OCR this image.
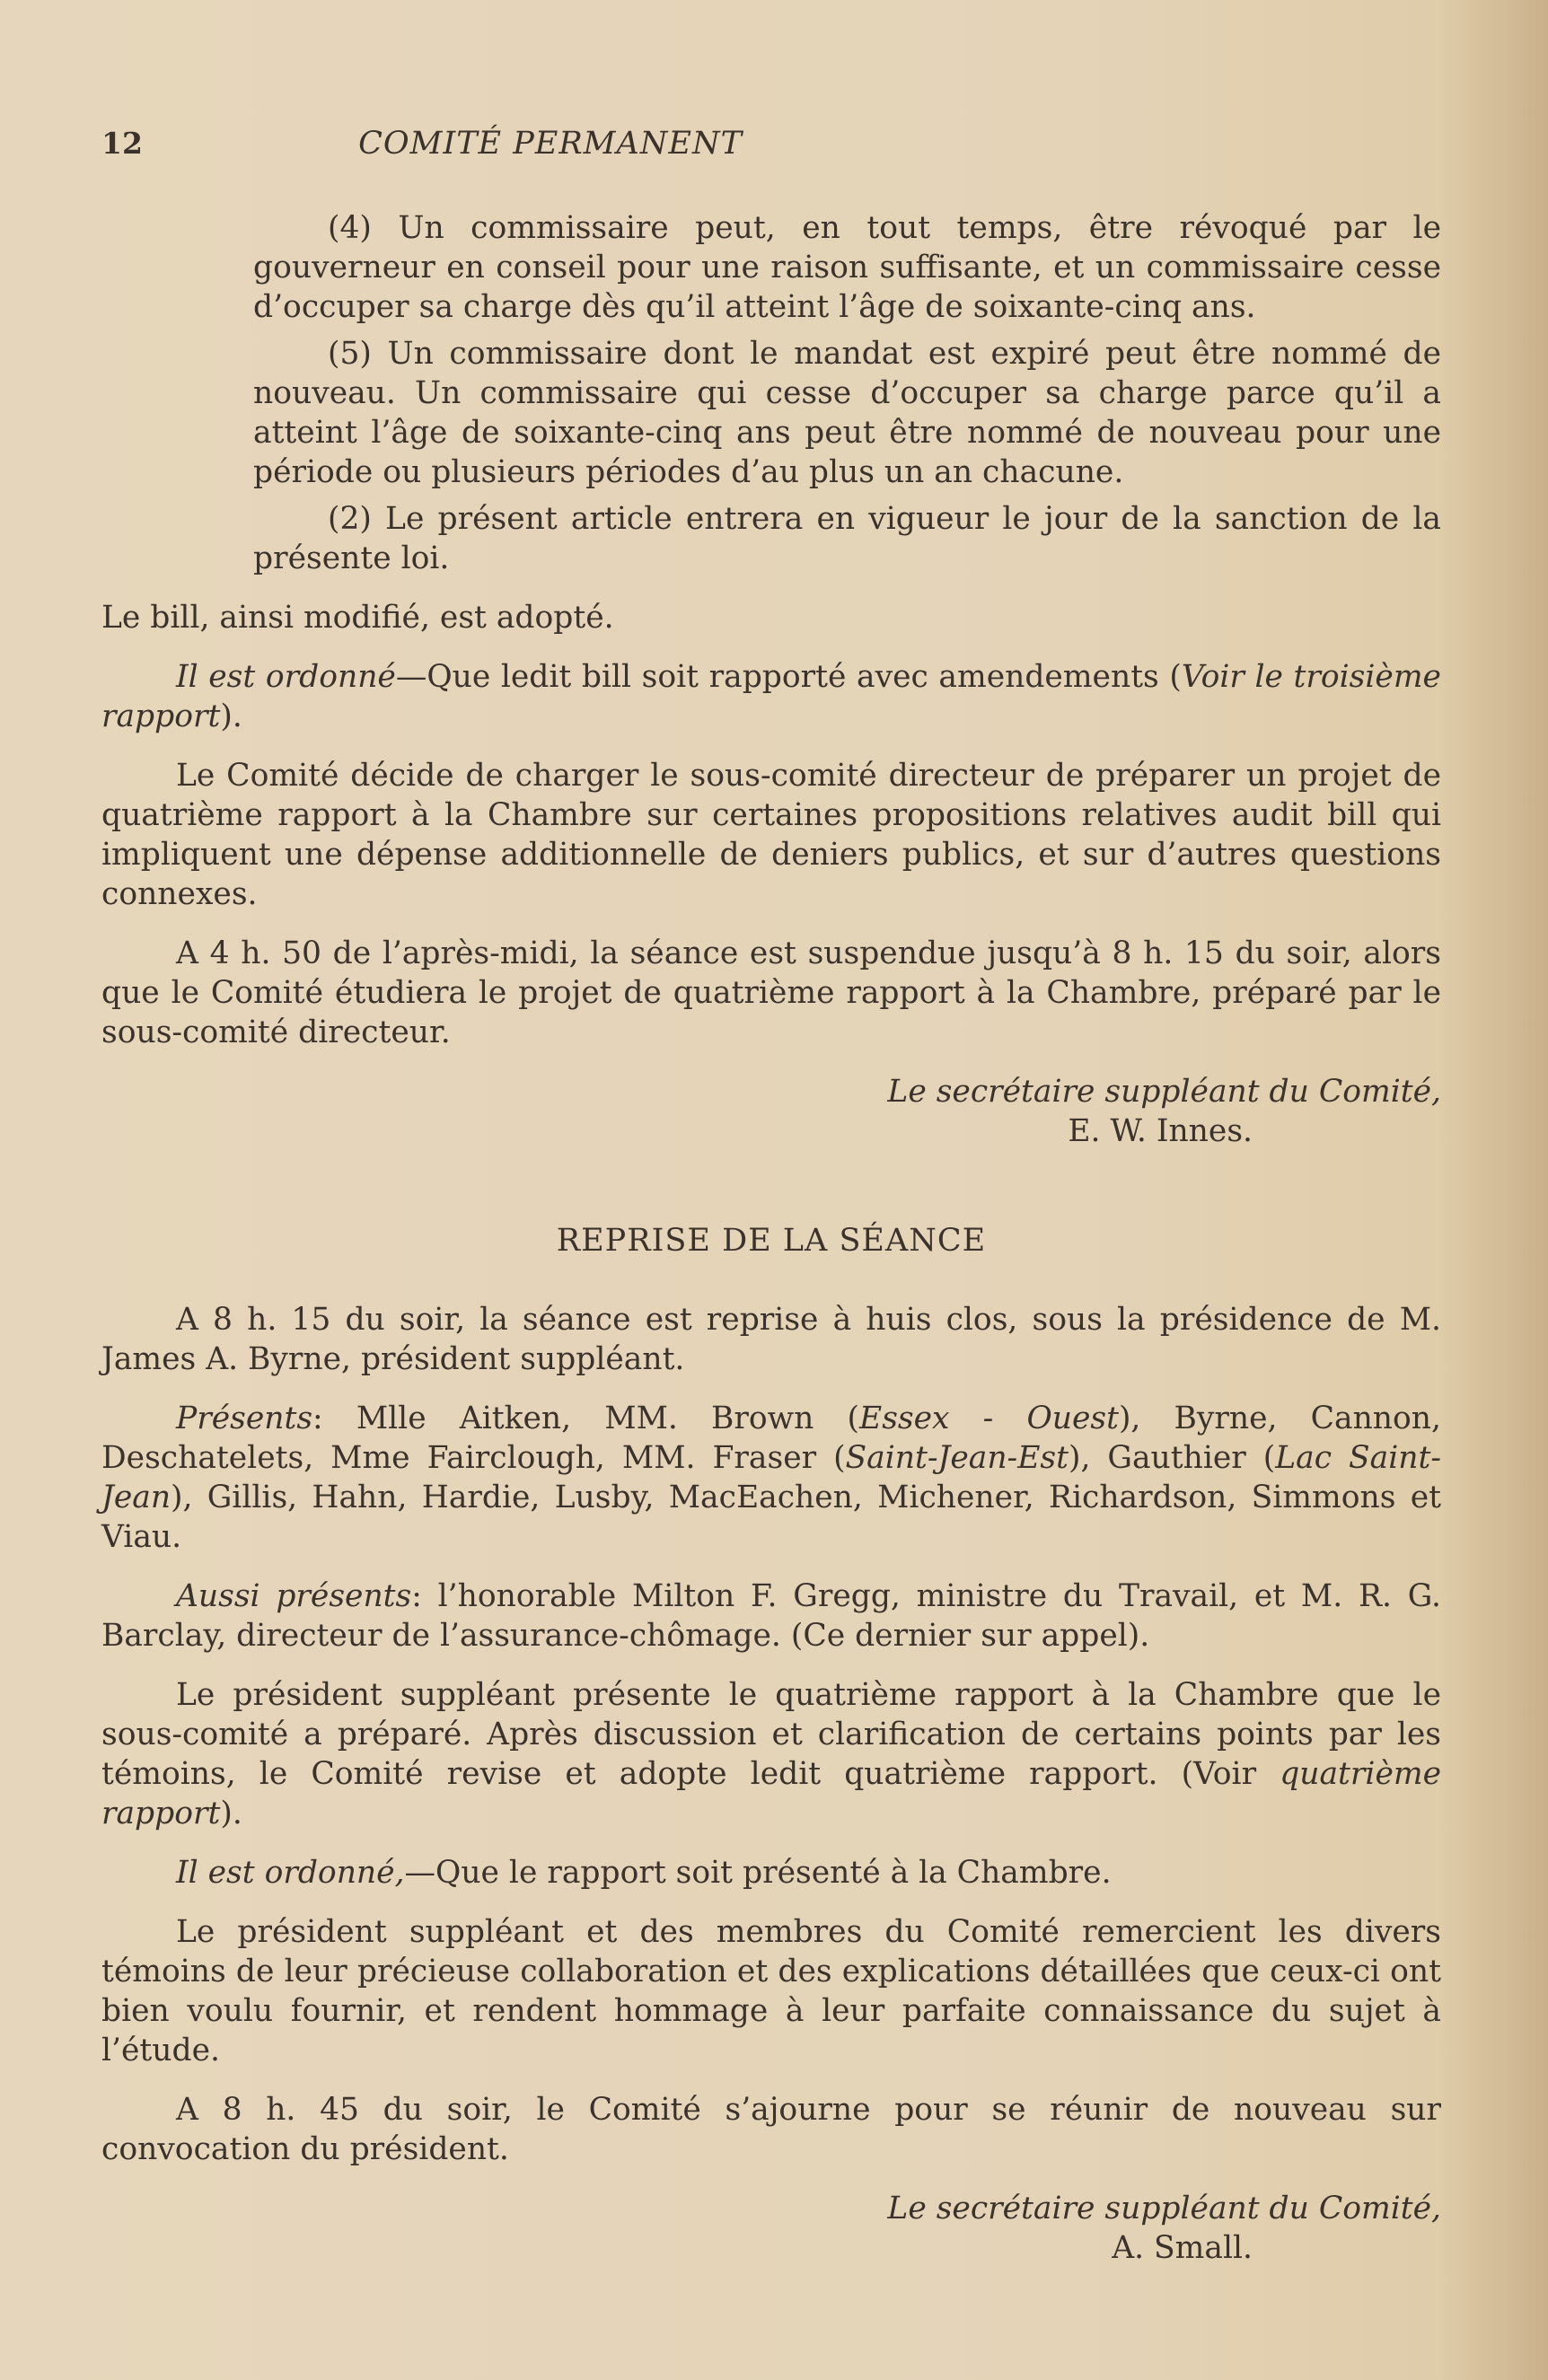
12	COMITÉ PERMANENT

(4) Un commissaire peut, en tout temps, être révoqué par le gouverneur en conseil pour une raison suffisante, et un commissaire cesse d’occuper sa charge dès qu’il atteint l’âge de soixante-cinq ans.

(5) Un commissaire dont le mandat est expiré peut être nommé de nouveau. Un commissaire qui cesse d’occuper sa charge parce qu’il a atteint l’âge de soixante-cinq ans peut être nommé de nouveau pour une période ou plusieurs périodes d’au plus un an chacune.

(2) Le présent article entrera en vigueur le jour de la sanction de la présente loi.

Le bill, ainsi modifié, est adopté.

Il est ordonné—Que ledit bill soit rapporté avec amendements (Voir le troisième rapport).

Le Comité décide de charger le sous-comité directeur de préparer un projet de quatrième rapport à la Chambre sur certaines propositions relatives audit bill qui impliquent une dépense additionnelle de deniers publics, et sur d’autres questions connexes.

A 4 h. 50 de l’après-midi, la séance est suspendue jusqu’à 8 h. 15 du soir, alors que le Comité étudiera le projet de quatrième rapport à la Chambre, préparé par le sous-comité directeur.

Le secrétaire suppléant du Comité,
E. W. Innes.

REPRISE DE LA SÉANCE

A 8 h. 15 du soir, la séance est reprise à huis clos, sous la présidence de M. James A. Byrne, président suppléant.

Présents: Mlle Aitken, MM. Brown (Essex - Ouest), Byrne, Cannon, Deschatelets, Mme Fairclough, MM. Fraser (Saint-Jean-Est), Gauthier (Lac Saint-Jean), Gillis, Hahn, Hardie, Lusby, MacEachen, Michener, Richardson, Simmons et Viau.

Aussi présents: l’honorable Milton F. Gregg, ministre du Travail, et M. R. G. Barclay, directeur de l’assurance-chômage. (Ce dernier sur appel).

Le président suppléant présente le quatrième rapport à la Chambre que le sous-comité a préparé. Après discussion et clarification de certains points par les témoins, le Comité revise et adopte ledit quatrième rapport. (Voir quatrième rapport).

Il est ordonné,—Que le rapport soit présenté à la Chambre.

Le président suppléant et des membres du Comité remercient les divers témoins de leur précieuse collaboration et des explications détaillées que ceux-ci ont bien voulu fournir, et rendent hommage à leur parfaite connaissance du sujet à l’étude.

A 8 h. 45 du soir, le Comité s’ajourne pour se réunir de nouveau sur convocation du président.

Le secrétaire suppléant du Comité,
A. Small.
